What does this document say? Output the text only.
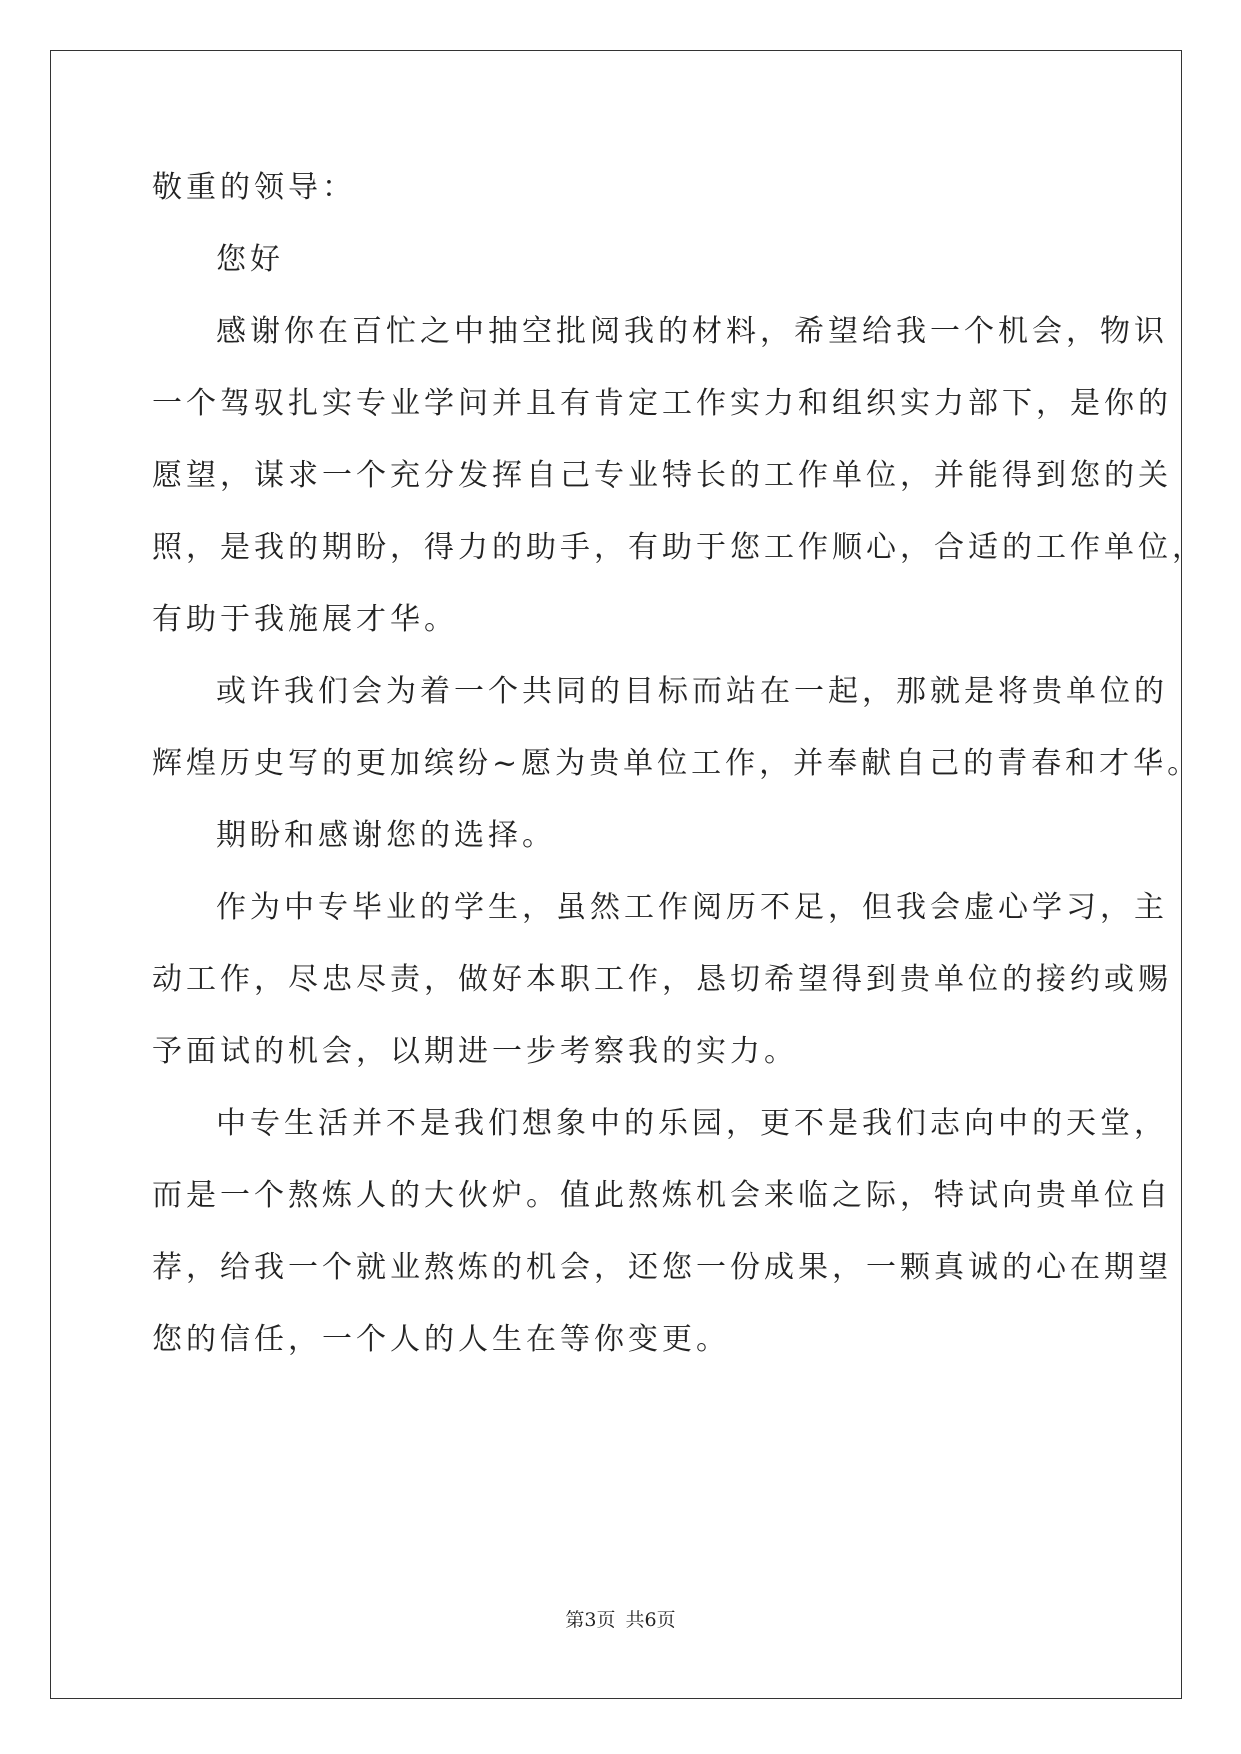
敬重的领导：
您好
感谢你在百忙之中抽空批阅我的材料，希望给我一个机会，物识
一个驾驭扎实专业学问并且有肯定工作实力和组织实力部下，是你的
愿望，谋求一个充分发挥自己专业特长的工作单位，并能得到您的关
照，是我的期盼，得力的助手，有助于您工作顺心，合适的工作单位，
有助于我施展才华。
或许我们会为着一个共同的目标而站在一起，那就是将贵单位的
辉煌历史写的更加缤纷~愿为贵单位工作，并奉献自己的青春和才华。
期盼和感谢您的选择。
作为中专毕业的学生，虽然工作阅历不足，但我会虚心学习，主
动工作，尽忠尽责，做好本职工作，恳切希望得到贵单位的接约或赐
予面试的机会，以期进一步考察我的实力。
中专生活并不是我们想象中的乐园，更不是我们志向中的天堂，
而是一个熬炼人的大伙炉。值此熬炼机会来临之际，特试向贵单位自
荐，给我一个就业熬炼的机会，还您一份成果，一颗真诚的心在期望
您的信任，一个人的人生在等你变更。
第3页 共6页
